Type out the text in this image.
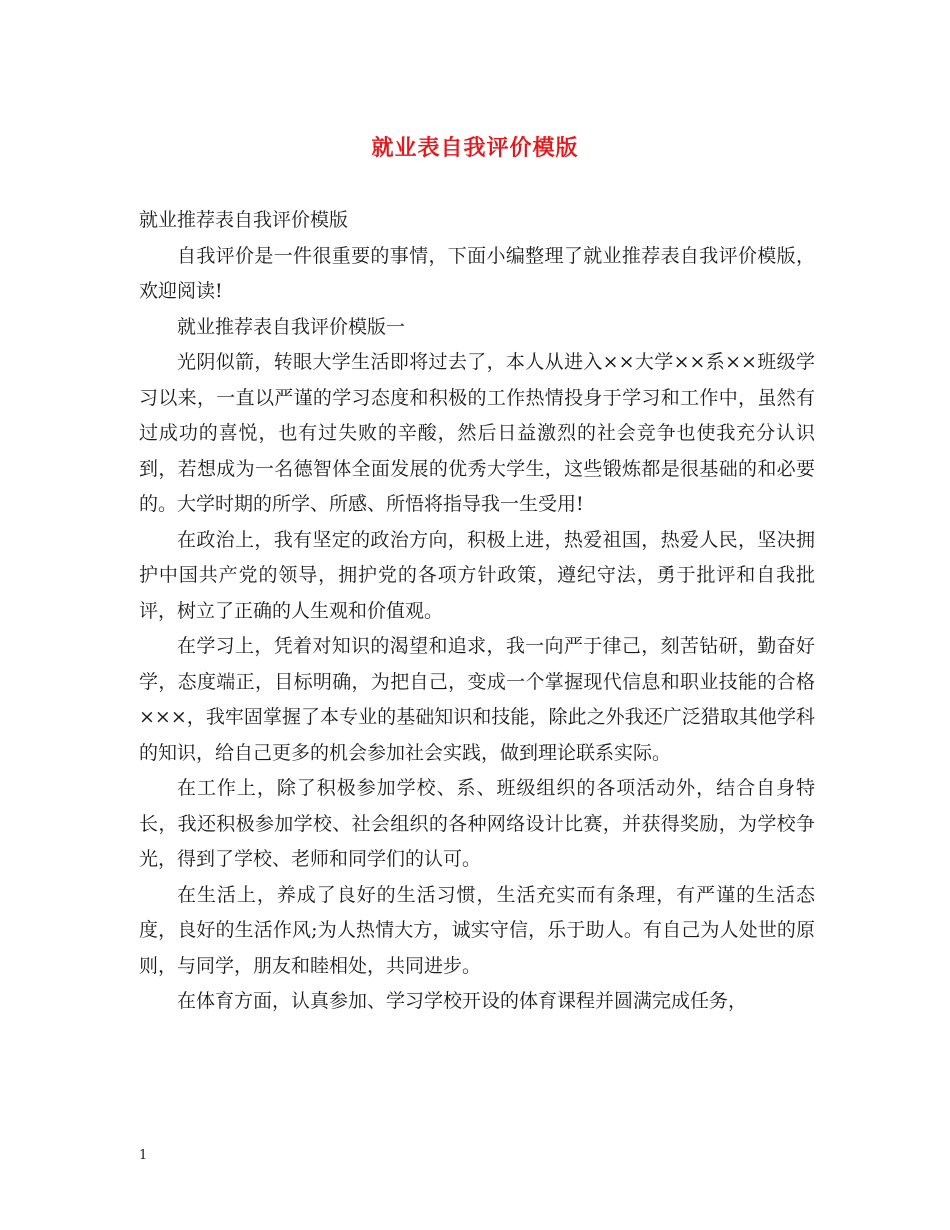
就业表自我评价模版

就业推荐表自我评价模版

自我评价是一件很重要的事情，下面小编整理了就业推荐表自我评价模版，欢迎阅读!

就业推荐表自我评价模版一

光阴似箭，转眼大学生活即将过去了，本人从进入××大学××系××班级学习以来，一直以严谨的学习态度和积极的工作热情投身于学习和工作中，虽然有过成功的喜悦，也有过失败的辛酸，然后日益激烈的社会竞争也使我充分认识到，若想成为一名德智体全面发展的优秀大学生，这些锻炼都是很基础的和必要的。大学时期的所学、所感、所悟将指导我一生受用!

在政治上，我有坚定的政治方向，积极上进，热爱祖国，热爱人民，坚决拥护中国共产党的领导，拥护党的各项方针政策，遵纪守法，勇于批评和自我批评，树立了正确的人生观和价值观。

在学习上，凭着对知识的渴望和追求，我一向严于律己，刻苦钻研，勤奋好学，态度端正，目标明确，为把自己，变成一个掌握现代信息和职业技能的合格×××，我牢固掌握了本专业的基础知识和技能，除此之外我还广泛猎取其他学科的知识，给自己更多的机会参加社会实践，做到理论联系实际。

在工作上，除了积极参加学校、系、班级组织的各项活动外，结合自身特长，我还积极参加学校、社会组织的各种网络设计比赛，并获得奖励，为学校争光，得到了学校、老师和同学们的认可。

在生活上，养成了良好的生活习惯，生活充实而有条理，有严谨的生活态度，良好的生活作风;为人热情大方，诚实守信，乐于助人。有自己为人处世的原则，与同学，朋友和睦相处，共同进步。

在体育方面，认真参加、学习学校开设的体育课程并圆满完成任务，

1
